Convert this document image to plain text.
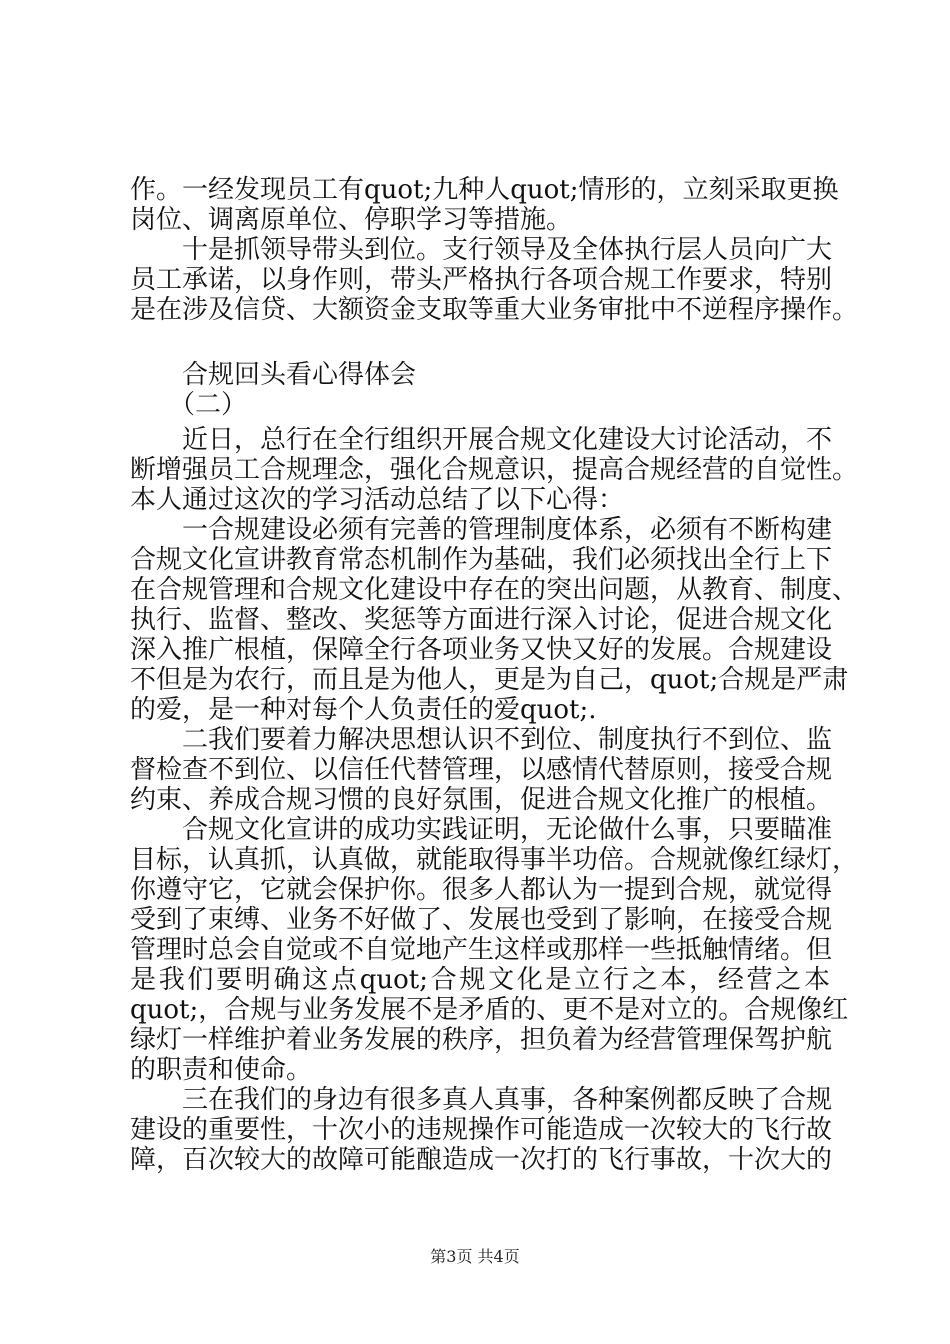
作。一经发现员工有quot;九种人quot;情形的，立刻采取更换
岗位、调离原单位、停职学习等措施。
　　十是抓领导带头到位。支行领导及全体执行层人员向广大
员工承诺，以身作则，带头严格执行各项合规工作要求，特别
是在涉及信贷、大额资金支取等重大业务审批中不逆程序操作。
　　合规回头看心得体会
　　（二）
　　近日，总行在全行组织开展合规文化建设大讨论活动，不
断增强员工合规理念，强化合规意识，提高合规经营的自觉性。
本人通过这次的学习活动总结了以下心得：
　　一合规建设必须有完善的管理制度体系，必须有不断构建
合规文化宣讲教育常态机制作为基础，我们必须找出全行上下
在合规管理和合规文化建设中存在的突出问题，从教育、制度、
执行、监督、整改、奖惩等方面进行深入讨论，促进合规文化
深入推广根植，保障全行各项业务又快又好的发展。合规建设
不但是为农行，而且是为他人，更是为自己，quot;合规是严肃
的爱，是一种对每个人负责任的爱quot;.
　　二我们要着力解决思想认识不到位、制度执行不到位、监
督检查不到位、以信任代替管理，以感情代替原则，接受合规
约束、养成合规习惯的良好氛围，促进合规文化推广的根植。
　　合规文化宣讲的成功实践证明，无论做什么事，只要瞄准
目标，认真抓，认真做，就能取得事半功倍。合规就像红绿灯，
你遵守它，它就会保护你。很多人都认为一提到合规，就觉得
受到了束缚、业务不好做了、发展也受到了影响，在接受合规
管理时总会自觉或不自觉地产生这样或那样一些抵触情绪。但
是我们要明确这点quot;合规文化是立行之本，经营之本
quot;，合规与业务发展不是矛盾的、更不是对立的。合规像红
绿灯一样维护着业务发展的秩序，担负着为经营管理保驾护航
的职责和使命。
　　三在我们的身边有很多真人真事，各种案例都反映了合规
建设的重要性，十次小的违规操作可能造成一次较大的飞行故
障，百次较大的故障可能酿造成一次打的飞行事故，十次大的
第3页 共4页
